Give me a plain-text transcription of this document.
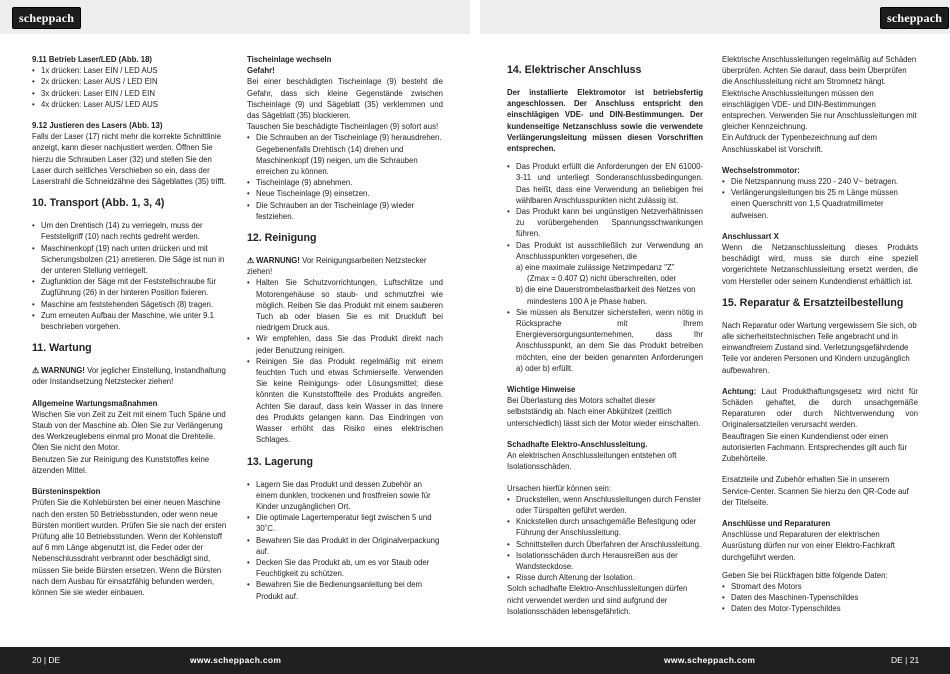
scheppach	scheppach

9.11 Betrieb Laser/LED (Abb. 18)

• 1x drücken: Laser EIN / LED AUS
• 2x drücken: Laser AUS / LED EIN
• 3x drücken: Laser EIN / LED EIN
• 4x drücken: Laser AUS/ LED AUS

9.12 Justieren des Lasers (Abb. 13)

Falls der Laser (17) nicht mehr die korrekte Schnittlinie anzeigt, kann dieser nachjustiert werden. Öffnen Sie hierzu die Schrauben Laser (32) und stellen Sie den Laser durch seitliches Verschieben so ein, dass der Laserstrahl die Schneidzähne des Sägeblattes (35) trifft.

10. Transport (Abb. 1, 3, 4)

• Um den Drehtisch (14) zu verriegeln, muss der Feststellgriff (10) nach rechts gedreht werden.
• Maschinenkopf (19) nach unten drücken und mit Sicherungsbolzen (21) arretieren. Die Säge ist nun in der unteren Stellung verriegelt.
• Zugfunktion der Säge mit der Feststellschraube für Zugführung (26) in der hinteren Position fixieren.
• Maschine am feststehenden Sägetisch (8) tragen.
• Zum erneuten Aufbau der Maschine, wie unter 9.1 beschrieben vorgehen.

11. Wartung

⚠ WARNUNG! Vor jeglicher Einstellung, Instandhaltung oder Instandsetzung Netzstecker ziehen!

Allgemeine Wartungsmaßnahmen

Wischen Sie von Zeit zu Zeit mit einem Tuch Späne und Staub von der Maschine ab. Ölen Sie zur Verlängerung des Werkzeuglebens einmal pro Monat die Drehteile. Ölen Sie nicht den Motor.

Benutzen Sie zur Reinigung des Kunststoffes keine ätzenden Mittel.

Bürsteninspektion

Prüfen Sie die Kohlebürsten bei einer neuen Maschine nach den ersten 50 Betriebsstunden, oder wenn neue Bürsten montiert wurden. Prüfen Sie sie nach der ersten Prüfung alle 10 Betriebsstunden. Wenn der Kohlenstoff auf 6 mm Länge abgenutzt ist, die Feder oder der Nebenschlussdraht verbrannt oder beschädigt sind, müssen Sie beide Bürsten ersetzen. Wenn die Bürsten nach dem Ausbau für einsatzfähig befunden werden, können Sie sie wieder einbauen.

Tischeinlage wechseln

Gefahr!

Bei einer beschädigten Tischeinlage (9) besteht die Gefahr, dass sich kleine Gegenstände zwischen Tischeinlage (9) und Sägeblatt (35) verklemmen und das Sägeblatt (35) blockieren.

Tauschen Sie beschädigte Tischeinlagen (9) sofort aus!

• Die Schrauben an der Tischeinlage (9) herausdrehen. Gegebenenfalls Drehtisch (14) drehen und Maschinenkopf (19) neigen, um die Schrauben erreichen zu können.
• Tischeinlage (9) abnehmen.
• Neue Tischeinlage (9) einsetzen.
• Die Schrauben an der Tischeinlage (9) wieder festziehen.

12. Reinigung

⚠ WARNUNG! Vor Reinigungsarbeiten Netzstecker ziehen!

• Halten Sie Schutzvorrichtungen, Luftschlitze und Motorengehäuse so staub- und schmutzfrei wie möglich. Reiben Sie das Produkt mit einem sauberen Tuch ab oder blasen Sie es mit Druckluft bei niedrigem Druck aus.
• Wir empfehlen, dass Sie das Produkt direkt nach jeder Benutzung reinigen.
• Reinigen Sie das Produkt regelmäßig mit einem feuchten Tuch und etwas Schmierseife. Verwenden Sie keine Reinigungs- oder Lösungsmittel; diese könnten die Kunststoffteile des Produkts angreifen. Achten Sie darauf, dass kein Wasser in das Innere des Produkts gelangen kann. Das Eindringen von Wasser erhöht das Risiko eines elektrischen Schlages.

13. Lagerung

• Lagern Sie das Produkt und dessen Zubehör an einem dunklen, trockenen und frostfreien sowie für Kinder unzugänglichen Ort.
• Die optimale Lagertemperatur liegt zwischen 5 und 30˚C.
• Bewahren Sie das Produkt in der Originalverpackung auf.
• Decken Sie das Produkt ab, um es vor Staub oder Feuchtigkeit zu schützen.
• Bewahren Sie die Bedienungsanleitung bei dem Produkt auf.

14. Elektrischer Anschluss

Der installierte Elektromotor ist betriebsfertig angeschlossen. Der Anschluss entspricht den einschlägigen VDE- und DIN-Bestimmungen. Der kundenseitige Netzanschluss sowie die verwendete Verlängerungsleitung müssen diesen Vorschriften entsprechen.

• Das Produkt erfüllt die Anforderungen der EN 61000-3-11 und unterliegt Sonderanschlussbedingungen. Das heißt, dass eine Verwendung an beliebigen frei wählbaren Anschlusspunkten nicht zulässig ist.
• Das Produkt kann bei ungünstigen Netzverhältnissen zu vorübergehenden Spannungsschwankungen führen.
• Das Produkt ist ausschließlich zur Verwendung an Anschlusspunkten vorgesehen, die
a) eine maximale zulässige Netzimpedanz "Z"
(Zmax = 0.407 Ω) nicht überschreiten, oder
b) die eine Dauerstrombelastbarkeit des Netzes von
mindestens 100 A je Phase haben.
• Sie müssen als Benutzer sicherstellen, wenn nötig in Rücksprache mit Ihrem Energieversorgungsunternehmen, dass Ihr Anschlusspunkt, an dem Sie das Produkt betreiben möchten, eine der beiden genannten Anforderungen a) oder b) erfüllt.

Wichtige Hinweise

Bei Überlastung des Motors schaltet dieser selbstständig ab. Nach einer Abkühlzeit (zeitlich unterschiedlich) lässt sich der Motor wieder einschalten.

Schadhafte Elektro-Anschlussleitung.

An elektrischen Anschlussleitungen entstehen oft Isolationsschäden.

Ursachen hierfür können sein:

• Druckstellen, wenn Anschlussleitungen durch Fenster oder Türspalten geführt werden.
• Knickstellen durch unsachgemäße Befestigung oder Führung der Anschlussleitung.
• Schnittstellen durch Überfahren der Anschlussleitung.
• Isolationsschäden durch Herausreißen aus der Wandsteckdose.
• Risse durch Alterung der Isolation.

Solch schadhafte Elektro-Anschlussleitungen dürfen nicht verwendet werden und sind aufgrund der Isolationsschäden lebensgefährlich.

Elektrische Anschlussleitungen regelmäßig auf Schäden überprüfen. Achten Sie darauf, dass beim Überprüfen die Anschlussleitung nicht am Stromnetz hängt. Elektrische Anschlussleitungen müssen den einschlägigen VDE- und DIN-Bestimmungen entsprechen. Verwenden Sie nur Anschlussleitungen mit gleicher Kennzeichnung.

Ein Aufdruck der Typenbezeichnung auf dem Anschlusskabel ist Vorschrift.

Wechselstrommotor:

• Die Netzspannung muss 220 - 240 V~ betragen.
• Verlängerungsleitungen bis 25 m Länge müssen einen Querschnitt von 1,5 Quadratmillimeter aufweisen.

Anschlussart X

Wenn die Netzanschlussleitung dieses Produkts beschädigt wird, muss sie durch eine speziell vorgerichtete Netzanschlussleitung ersetzt werden, die vom Hersteller oder seinem Kundendienst erhältlich ist.

15. Reparatur & Ersatzteilbestellung

Nach Reparatur oder Wartung vergewissern Sie sich, ob alle sicherheitstechnischen Teile angebracht und in einwandfreiem Zustand sind. Verletzungsgefährdende Teile vor anderen Personen und Kindern unzugänglich aufbewahren.

Achtung: Laut Produkthaftungsgesetz wird nicht für Schäden gehaftet, die durch unsachgemäße Reparaturen oder durch Nichtverwendung von Originalersatzteilen verursacht werden.

Beauftragen Sie einen Kundendienst oder einen autorisierten Fachmann. Entsprechendes gilt auch für Zubehörteile.

Ersatzteile und Zubehör erhalten Sie in unserem Service-Center. Scannen Sie hierzu den QR-Code auf der Titelseite.

Anschlüsse und Reparaturen

Anschlüsse und Reparaturen der elektrischen Ausrüstung dürfen nur von einer Elektro-Fachkraft durchgeführt werden.

Geben Sie bei Rückfragen bitte folgende Daten:

• Stromart des Motors
• Daten des Maschinen-Typenschildes
• Daten des Motor-Typenschildes
20 | DE	www.scheppach.com	www.scheppach.com	DE | 21
